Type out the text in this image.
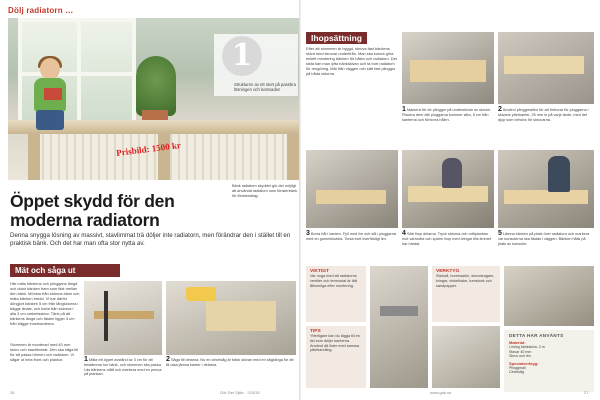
Dölj radiatorn …
1
Strukturen av ett stort på passbra lösningen och kostnaden
Prisbild: 1500 kr
Bänk radiatorn skyddet gör det möjligt att använda radiatorn som fönsterbänk för fönsteruttag.
Öppet skydd för den moderna radiatorn
Denna snygga lösning av massivt, stavlimmat trä döljer inte radiatorn, men förändrar den i stället till en praktisk bänk. Och det har man ofta stor nytta av.
Mät och såga ut
Här mäts bänkens och plinggans längd och dolar bänken fram som fäst mellan den bänk. Mönsta från sidorna bänk och mäta bänken bredd. Vi har därför döngjort bänken 5 cm från långsidorna i bägge ändar, och korta från sidorna i alla 3 cm omkretssidor. Tänk på att bänkens längd och fästen ligger 3 cm från bägge innerkanterna.
Stommen är monterad med 40 mm skruv och stavtlimmat. Den ska såga till för att passa hörnen och radiatorn. Vi sågar ut hela front och plankor.	1 Mäta ett öppet avstånd av 3 cm för att bestämma hur bänk- och stommen ska passa. Läs bänkens mått och markera med en penna på plankan.
2 Såga till delarna. Nu en cirkelsåg är bänk skivan med en sågklinga för att få raka jämna kanter i delarna.
26	Gör Det Själv · 2/2015
Ihopsättning
Efter att stommen är byggd, skruva fast bänkens skiva med skruvar underifrån. Man ska kunna göra enkelt montering bänken för hålen och radiatorn. Det sista kan man lyfta bänkskivan och ta bort radiatorn för rengöring. Mät från väggen och sätt fast plinggor på båda sidorna.
1 Markera för de plinggor på underskivan av skivan. Placera dem där pluggarna kommer sitta, 5 cm från kanterna och förborra hålen.
2 Använd plinggmallen för att förborra för pluggarna i skivans ytterkanter, 25 mm in på varje ände, med det djup som behövs för skruvarna.
3 Borra hål i kanten. Fyll med lim och slå i pluggarna med en gummiklubba. Torka bort överflödigt lim.
4 Sätt ihop delarna. Tryck sidorna och mittplankan mot varandra och spänn ihop med tvingar tills limmet har härdat.
5 Lämna bänken på plats över radiatorn och markera var konsolerna ska fästas i väggen. Bänken hålls på plats av konsoler.
VIKTIGT
Var noga med att radiatorns ventiler och termostat är lätt åtkomliga efter montering.
TIPS
Ytterligare kan du lägga till en list som döljer kanterna. Använd då lister med samma ytbehandling.
VERKTYG
Stickså, borrmaskin, skruvdragare, tvingar, vinkelhake, tumstock och sandpapper.
DETTA HAR ANVÄNTS
Material:
Limfog bänkskiva, 3 m
Stavar 40 mm
Skruv och lim
Specialverktyg:
Plinggmall
Cirkelsåg
www.gds.se	27
